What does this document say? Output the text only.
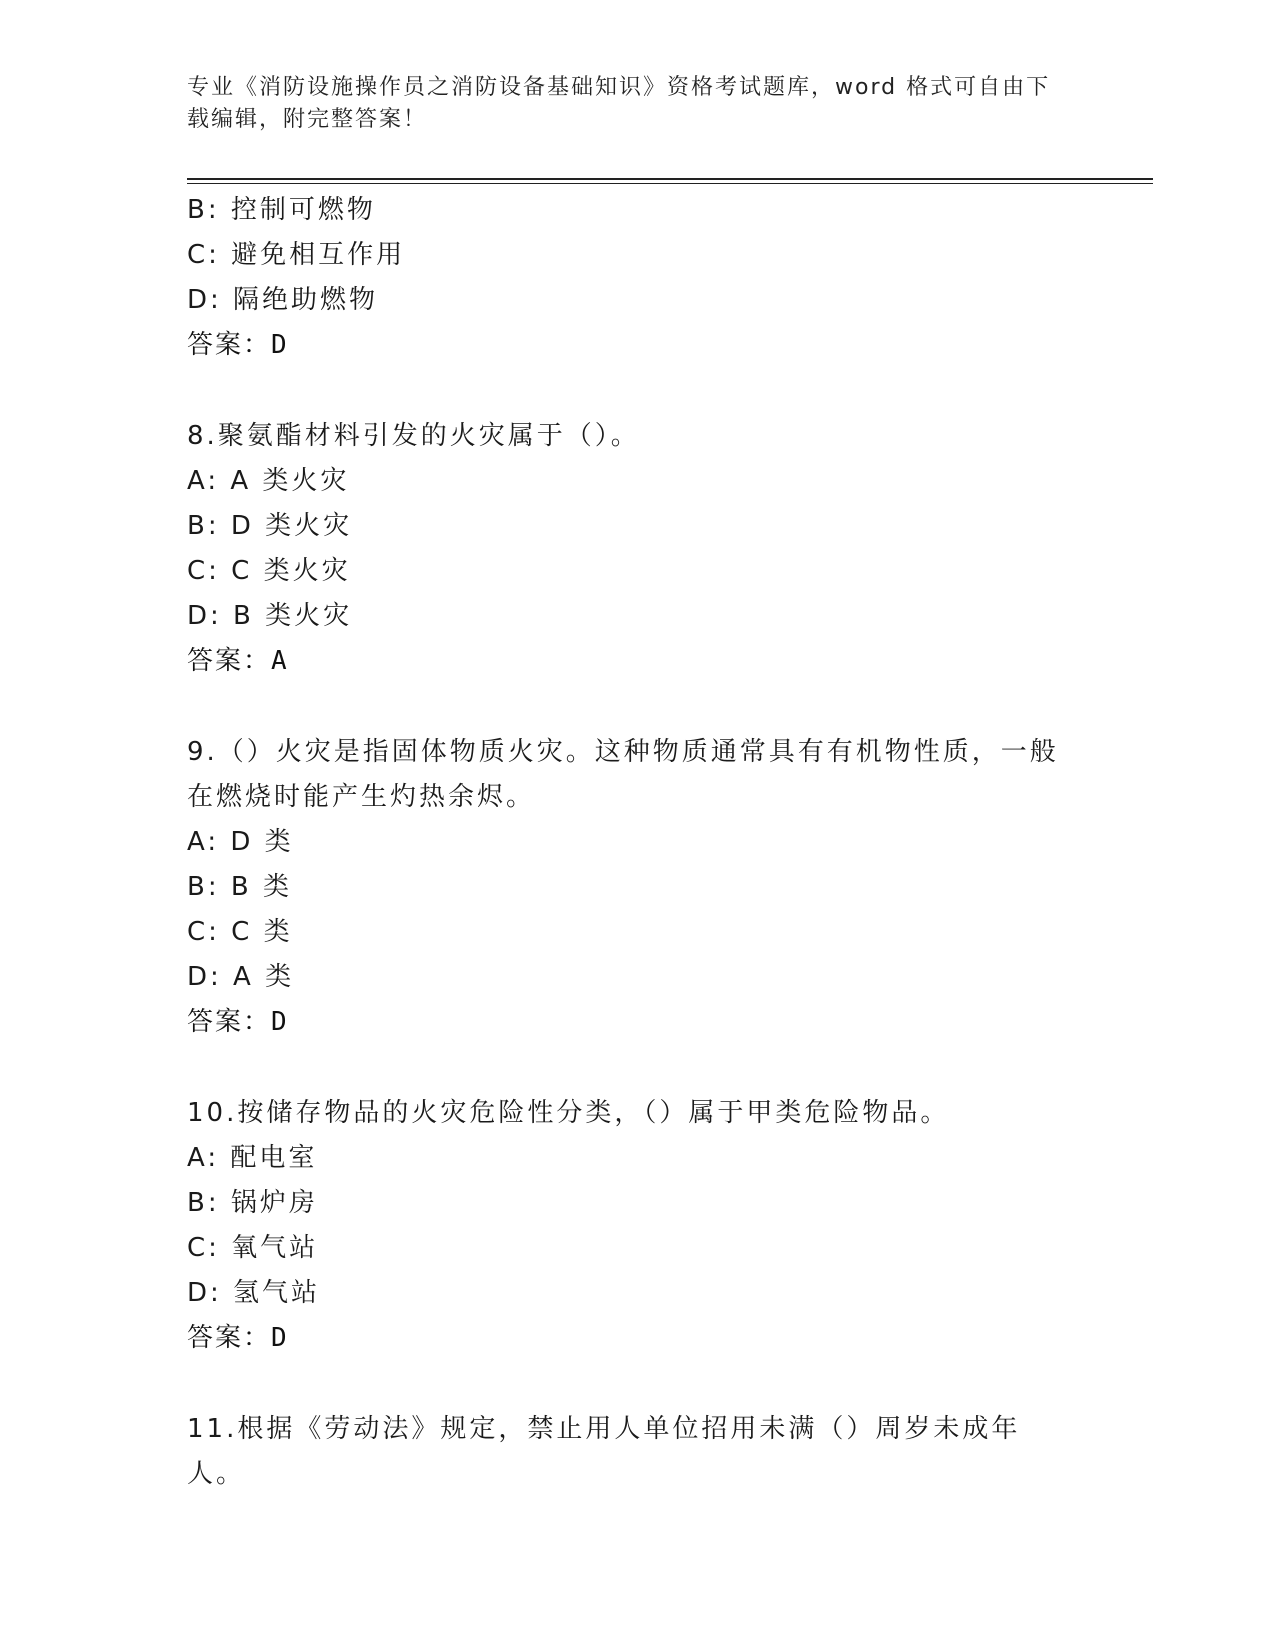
专业《消防设施操作员之消防设备基础知识》资格考试题库，word 格式可自由下
载编辑，附完整答案！
B: 控制可燃物
C: 避免相互作用
D: 隔绝助燃物
答案：D
8.聚氨酯材料引发的火灾属于（）。
A: A 类火灾
B: D 类火灾
C: C 类火灾
D: B 类火灾
答案：A
9.（）火灾是指固体物质火灾。这种物质通常具有有机物性质，一般
在燃烧时能产生灼热余烬。
A: D 类
B: B 类
C: C 类
D: A 类
答案：D
10.按储存物品的火灾危险性分类，（）属于甲类危险物品。
A: 配电室
B: 锅炉房
C: 氧气站
D: 氢气站
答案：D
11.根据《劳动法》规定，禁止用人单位招用未满（）周岁未成年人。
